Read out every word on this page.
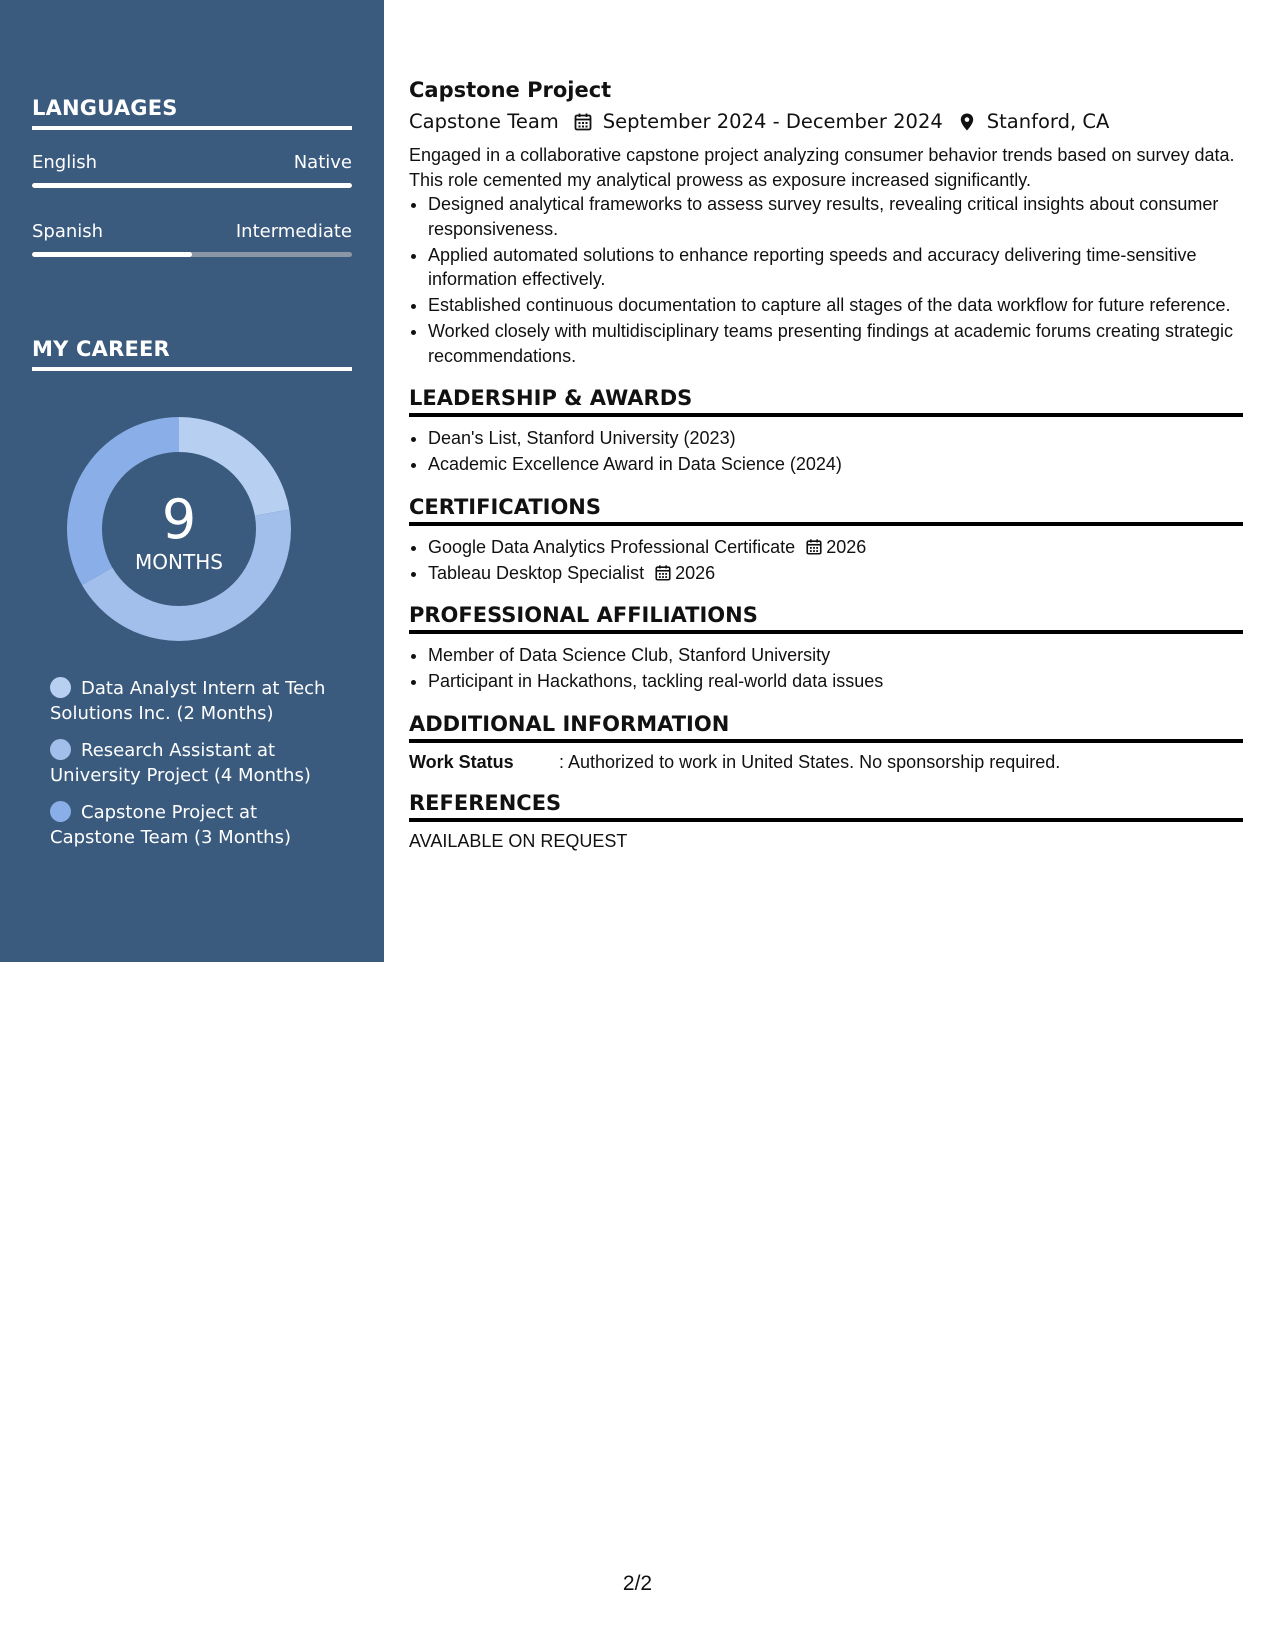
LANGUAGES
English	Native
Spanish	Intermediate
MY CAREER
9
MONTHS
Data Analyst Intern at Tech Solutions Inc. (2 Months)
Research Assistant at University Project (4 Months)
Capstone Project at Capstone Team (3 Months)
Capstone Project
Capstone Team September 2024 - December 2024 Stanford, CA

Engaged in a collaborative capstone project analyzing consumer behavior trends based on survey data. This role cemented my analytical prowess as exposure increased significantly.

• Designed analytical frameworks to assess survey results, revealing critical insights about consumer responsiveness.
• Applied automated solutions to enhance reporting speeds and accuracy delivering time-sensitive information effectively.
• Established continuous documentation to capture all stages of the data workflow for future reference.
• Worked closely with multidisciplinary teams presenting findings at academic forums creating strategic recommendations.
LEADERSHIP & AWARDS
• Dean's List, Stanford University (2023)
• Academic Excellence Award in Data Science (2024)
CERTIFICATIONS
• Google Data Analytics Professional Certificate 2026
• Tableau Desktop Specialist 2026
PROFESSIONAL AFFILIATIONS
• Member of Data Science Club, Stanford University
• Participant in Hackathons, tackling real-world data issues
ADDITIONAL INFORMATION
Work Status	: Authorized to work in United States. No sponsorship required.
REFERENCES

AVAILABLE ON REQUEST

2/2
